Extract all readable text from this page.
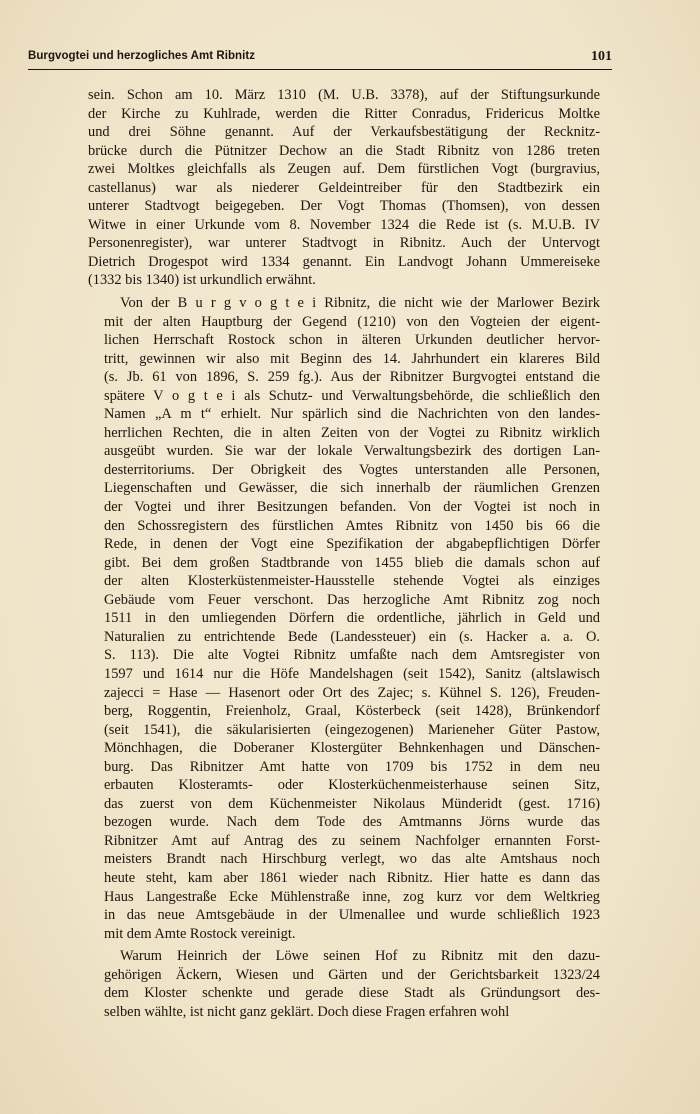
Burgvogtei und herzogliches Amt Ribnitz	101
sein. Schon am 10. März 1310 (M. U.B. 3378), auf der Stiftungsurkunde
der Kirche zu Kuhlrade, werden die Ritter Conradus, Fridericus Moltke
und drei Söhne genannt. Auf der Verkaufsbestätigung der Recknitz-
brücke durch die Pütnitzer Dechow an die Stadt Ribnitz von 1286 treten
zwei Moltkes gleichfalls als Zeugen auf. Dem fürstlichen Vogt (burgravius,
castellanus) war als niederer Geldeintreiber für den Stadtbezirk ein
unterer Stadtvogt beigegeben. Der Vogt Thomas (Thomsen), von dessen
Witwe in einer Urkunde vom 8. November 1324 die Rede ist (s. M.U.B. IV
Personenregister), war unterer Stadtvogt in Ribnitz. Auch der Untervogt
Dietrich Drogespot wird 1334 genannt. Ein Landvogt Johann Ummereiseke
(1332 bis 1340) ist urkundlich erwähnt.
Von der B u r g v o g t e i Ribnitz, die nicht wie der Marlower Bezirk
mit der alten Hauptburg der Gegend (1210) von den Vogteien der eigent-
lichen Herrschaft Rostock schon in älteren Urkunden deutlicher hervor-
tritt, gewinnen wir also mit Beginn des 14. Jahrhundert ein klareres Bild
(s. Jb. 61 von 1896, S. 259 fg.). Aus der Ribnitzer Burgvogtei entstand die
spätere V o g t e i als Schutz- und Verwaltungsbehörde, die schließlich den
Namen „A m t“ erhielt. Nur spärlich sind die Nachrichten von den landes-
herrlichen Rechten, die in alten Zeiten von der Vogtei zu Ribnitz wirklich
ausgeübt wurden. Sie war der lokale Verwaltungsbezirk des dortigen Lan-
desterritoriums. Der Obrigkeit des Vogtes unterstanden alle Personen,
Liegenschaften und Gewässer, die sich innerhalb der räumlichen Grenzen
der Vogtei und ihrer Besitzungen befanden. Von der Vogtei ist noch in
den Schossregistern des fürstlichen Amtes Ribnitz von 1450 bis 66 die
Rede, in denen der Vogt eine Spezifikation der abgabepflichtigen Dörfer
gibt. Bei dem großen Stadtbrande von 1455 blieb die damals schon auf
der alten Klosterküstenmeister-Hausstelle stehende Vogtei als einziges
Gebäude vom Feuer verschont. Das herzogliche Amt Ribnitz zog noch
1511 in den umliegenden Dörfern die ordentliche, jährlich in Geld und
Naturalien zu entrichtende Bede (Landessteuer) ein (s. Hacker a. a. O.
S. 113). Die alte Vogtei Ribnitz umfaßte nach dem Amtsregister von
1597 und 1614 nur die Höfe Mandelshagen (seit 1542), Sanitz (altslawisch
zajecci = Hase — Hasenort oder Ort des Zajec; s. Kühnel S. 126), Freuden-
berg, Roggentin, Freienholz, Graal, Kösterbeck (seit 1428), Brünkendorf
(seit 1541), die säkularisierten (eingezogenen) Marieneher Güter Pastow,
Mönchhagen, die Doberaner Klostergüter Behnkenhagen und Dänschen-
burg. Das Ribnitzer Amt hatte von 1709 bis 1752 in dem neu
erbauten Klosteramts- oder Klosterküchenmeisterhause seinen Sitz,
das zuerst von dem Küchenmeister Nikolaus Münderidt (gest. 1716)
bezogen wurde. Nach dem Tode des Amtmanns Jörns wurde das
Ribnitzer Amt auf Antrag des zu seinem Nachfolger ernannten Forst-
meisters Brandt nach Hirschburg verlegt, wo das alte Amtshaus noch
heute steht, kam aber 1861 wieder nach Ribnitz. Hier hatte es dann das
Haus Langestraße Ecke Mühlenstraße inne, zog kurz vor dem Weltkrieg
in das neue Amtsgebäude in der Ulmenallee und wurde schließlich 1923
mit dem Amte Rostock vereinigt.
Warum Heinrich der Löwe seinen Hof zu Ribnitz mit den dazu-
gehörigen Äckern, Wiesen und Gärten und der Gerichtsbarkeit 1323/24
dem Kloster schenkte und gerade diese Stadt als Gründungsort des-
selben wählte, ist nicht ganz geklärt. Doch diese Fragen erfahren wohl
